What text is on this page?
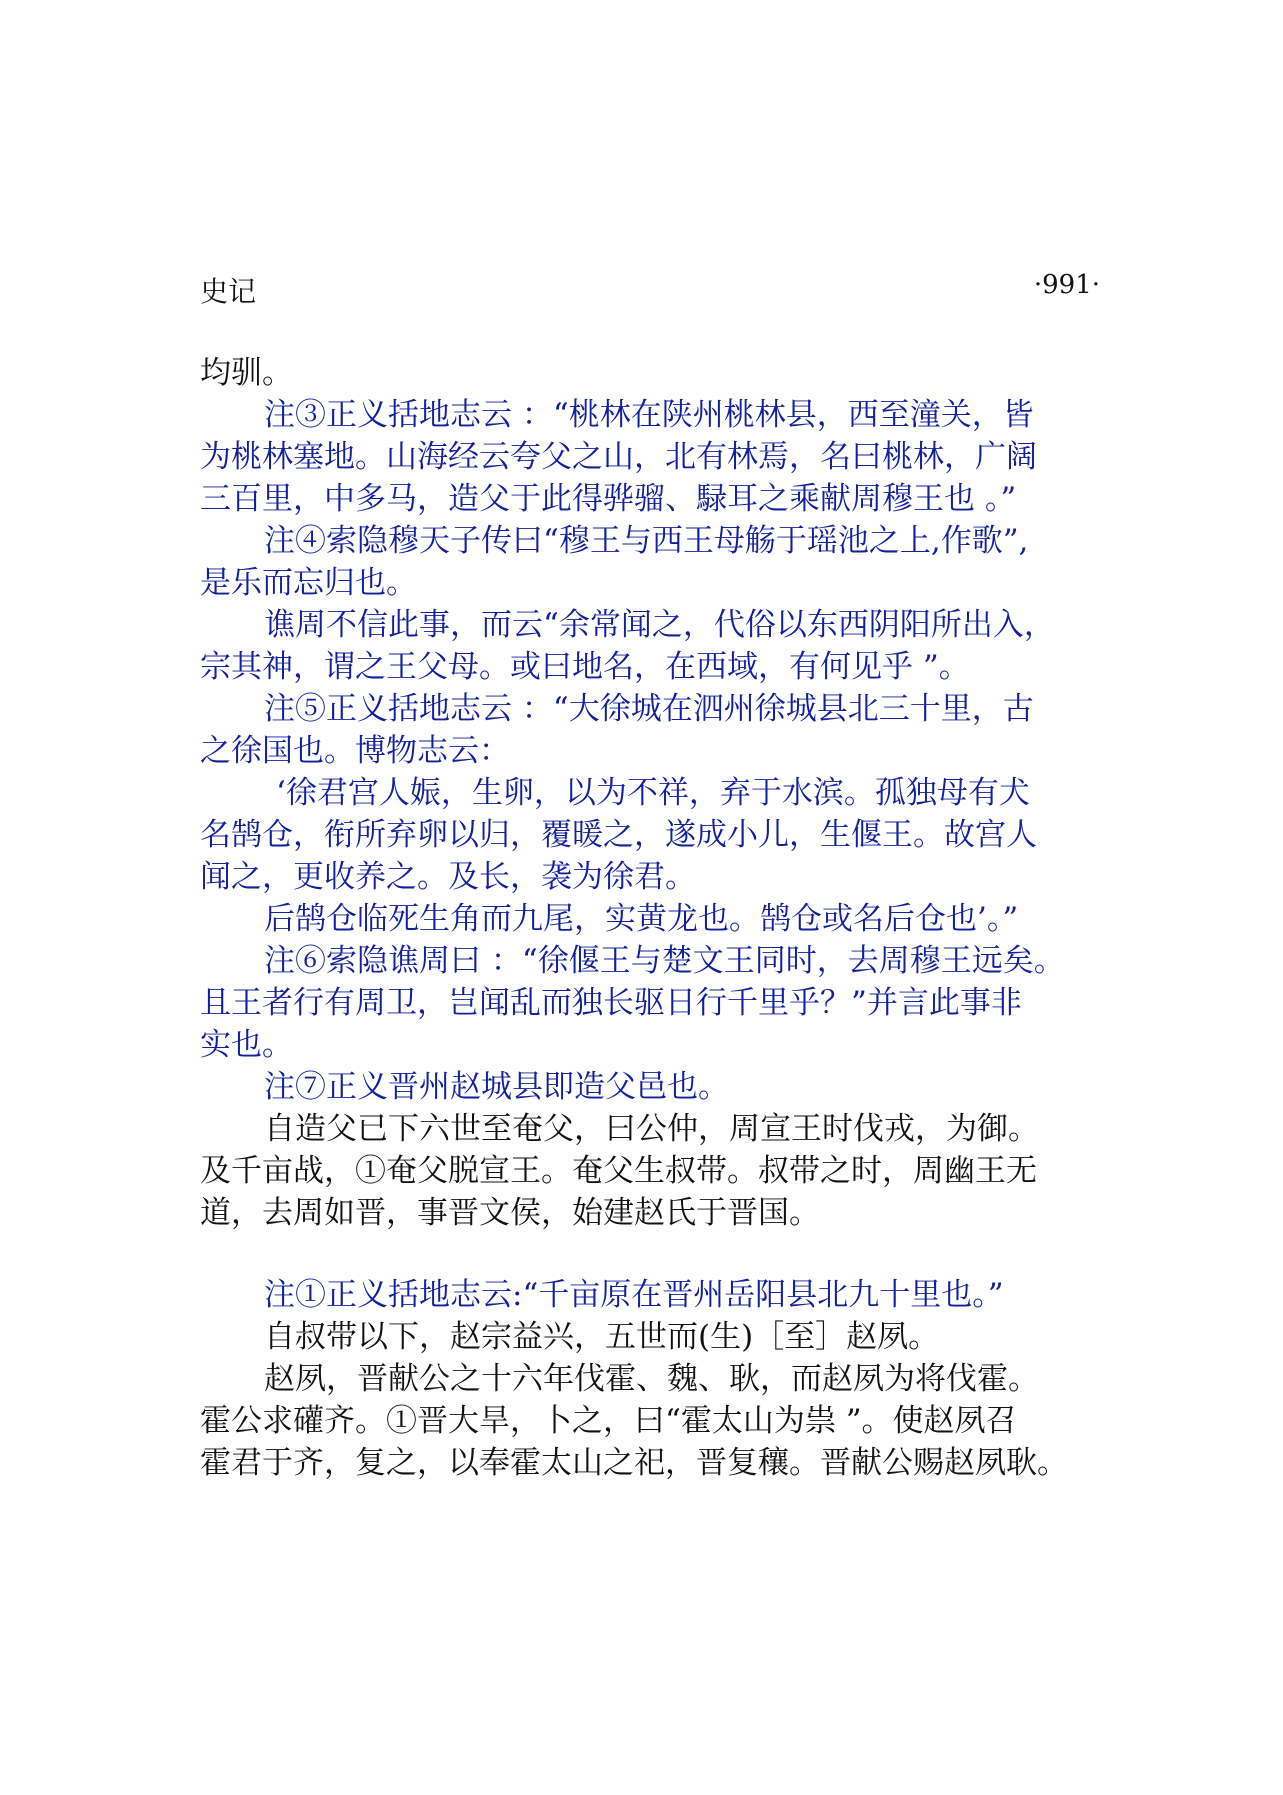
史记	·991·
均驯。
注③正义括地志云 ：“桃林在陕州桃林县，西至潼关，皆
为桃林塞地。山海经云夸父之山，北有林焉，名曰桃林，广阔
三百里，中多马，造父于此得骅骝、騄耳之乘献周穆王也 。”
注④索隐穆天子传曰“穆王与西王母觞于瑶池之上,作歌”,
是乐而忘归也。
谯周不信此事，而云“余常闻之，代俗以东西阴阳所出入，
宗其神，谓之王父母。或曰地名，在西域，有何见乎 ”。
注⑤正义括地志云 ：“大徐城在泗州徐城县北三十里，古
之徐国也。博物志云：
‘徐君宫人娠，生卵，以为不祥，弃于水滨。孤独母有犬
名鹄仓，衔所弃卵以归，覆暖之，遂成小儿，生偃王。故宫人
闻之，更收养之。及长，袭为徐君。
后鹄仓临死生角而九尾，实黄龙也。鹄仓或名后仓也’。”
注⑥索隐谯周曰 ：“徐偃王与楚文王同时，去周穆王远矣。
且王者行有周卫，岂闻乱而独长驱日行千里乎？”并言此事非
实也。
注⑦正义晋州赵城县即造父邑也。
自造父已下六世至奄父，曰公仲，周宣王时伐戎，为御。
及千亩战，①奄父脱宣王。奄父生叔带。叔带之时，周幽王无
道，去周如晋，事晋文侯，始建赵氏于晋国。
注①正义括地志云:“千亩原在晋州岳阳县北九十里也。”
自叔带以下，赵宗益兴，五世而(生)［至］赵夙。
赵夙，晋献公之十六年伐霍、魏、耿，而赵夙为将伐霍。
霍公求礶齐。①晋大旱，卜之，曰“霍太山为祟 ”。使赵夙召
霍君于齐，复之，以奉霍太山之祀，晋复穰。晋献公赐赵夙耿。
